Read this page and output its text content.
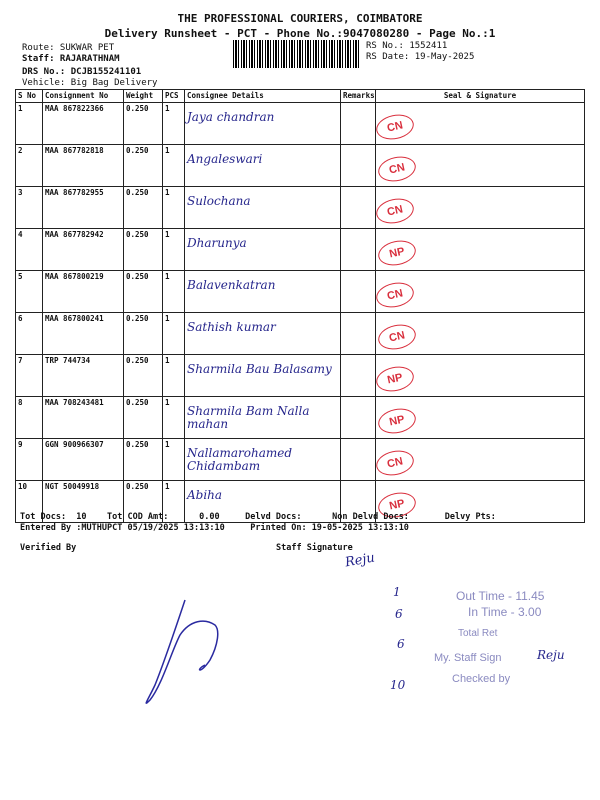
THE PROFESSIONAL COURIERS, COIMBATORE
Delivery Runsheet - PCT - Phone No.:9047080280 - Page No.:1
Route: SUKWAR PET
Staff: RAJARATHNAM
DRS No.: DCJB155241101
Vehicle: Big Bag Delivery
RS No.: 1552411
RS Date: 19-May-2025
S No	Consignment No	Weight	PCS	Consignee Details	Remarks	Seal & Signature
1	MAA 867822366	0.250	1	Jaya chandran		CN

2	MAA 867782818	0.250	1	Angaleswari		CN

3	MAA 867782955	0.250	1	Sulochana		CN

4	MAA 867782942	0.250	1	Dharunya		NP

5	MAA 867800219	0.250	1	Balavenkatran		CN

6	MAA 867800241	0.250	1	Sathish kumar		CN

7	TRP 744734	0.250	1	Sharmila Bau Balasamy		NP

8	MAA 708243481	0.250	1	Sharmila Bam Nalla mahan		NP

9	GGN 900966307	0.250	1	Nallamarohamed Chidambam		CN

10	NGT 50049918	0.250	1	Abiha		NP
Tot Docs:  10    Tot COD Amt:      0.00     Delvd Docs:      Non Delvd Docs:       Delvy Pts:
Entered By :MUTHUPCT 05/19/2025 13:13:10     Printed On: 19-05-2025 13:13:10
Verified By	Staff Signature
Reju
Out Time - 11.45
In Time - 3.00
Total Ret
My. Staff Sign	Reju
Checked by
1
6
6
10
